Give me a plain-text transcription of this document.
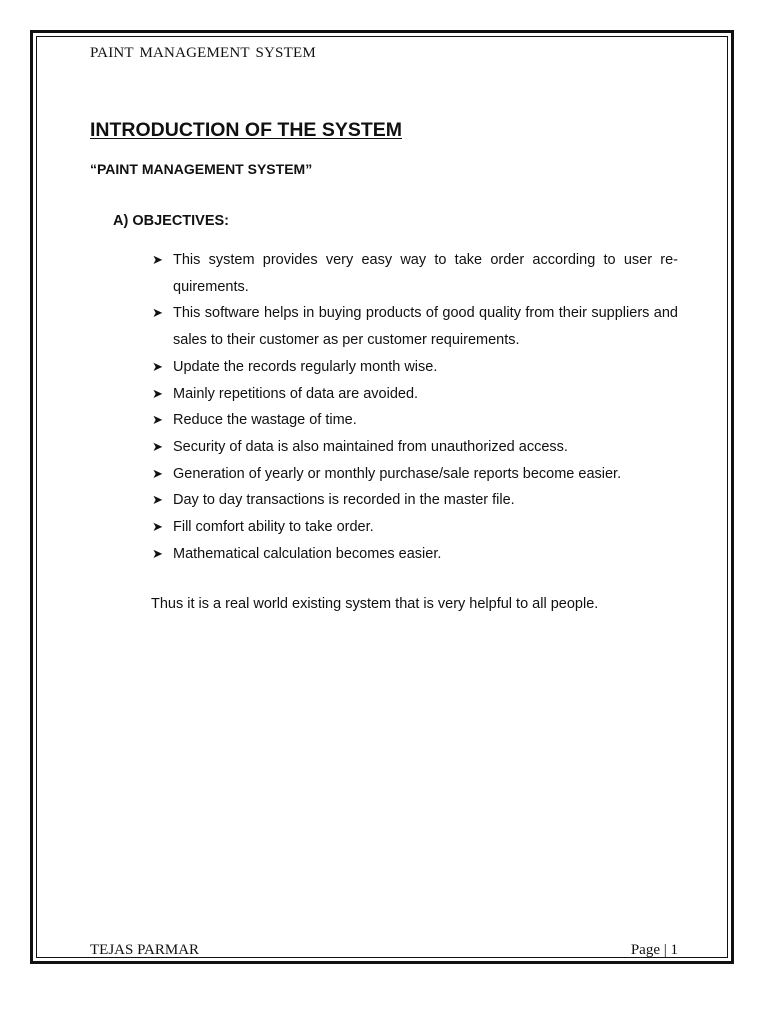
PAINT MANAGEMENT SYSTEM
INTRODUCTION OF THE SYSTEM
“PAINT MANAGEMENT SYSTEM”
A) OBJECTIVES:
➤ This system provides very easy way to take order according to user re- quirements.
➤ This software helps in buying products of good quality from their suppliers and sales to their customer as per customer requirements.
➤ Update the records regularly month wise.
➤ Mainly repetitions of data are avoided.
➤ Reduce the wastage of time.
➤ Security of data is also maintained from unauthorized access.
➤ Generation of yearly or monthly purchase/sale reports become easier.
➤ Day to day transactions is recorded in the master file.
➤ Fill comfort ability to take order.
➤ Mathematical calculation becomes easier.
Thus it is a real world existing system that is very helpful to all people.
TEJAS PARMAR	Page | 1
